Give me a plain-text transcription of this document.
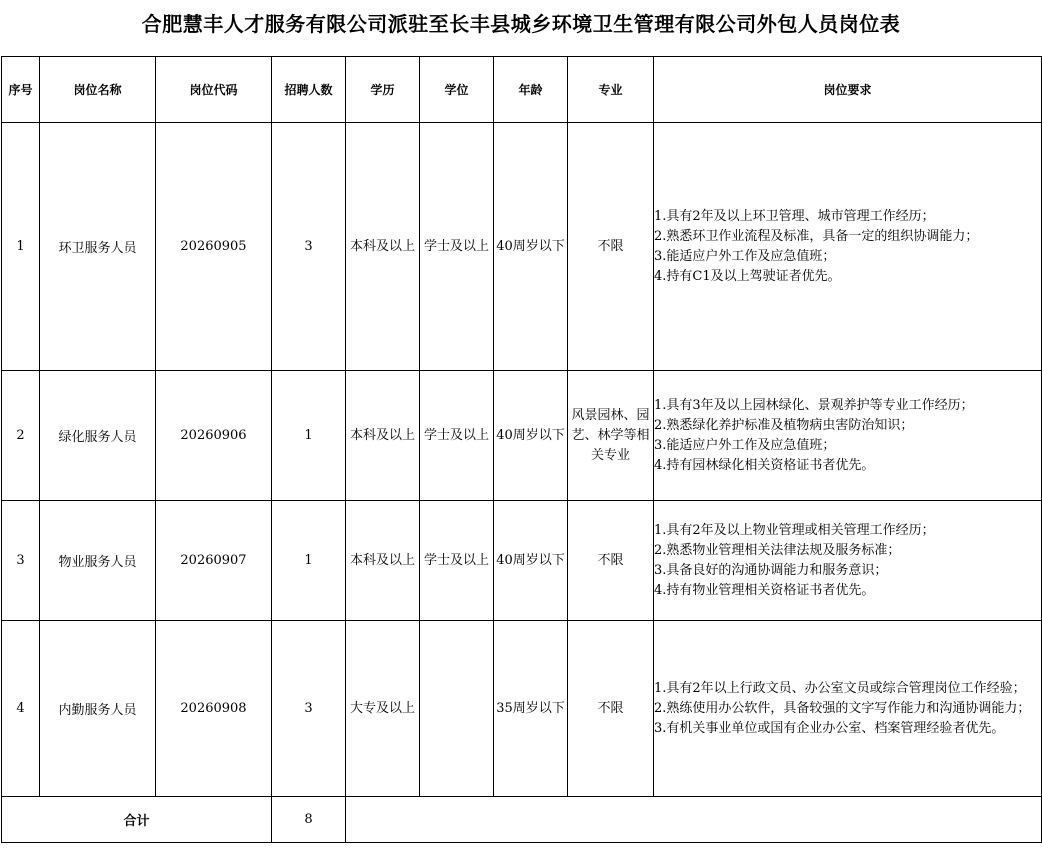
合肥慧丰人才服务有限公司派驻至长丰县城乡环境卫生管理有限公司外包人员岗位表
序号	岗位名称	岗位代码	招聘人数	学历	学位	年龄	专业	岗位要求
1	环卫服务人员	20260905	3	本科及以上	学士及以上	40周岁以下	不限	1.具有2年及以上环卫管理、城市管理工作经历；
2.熟悉环卫作业流程及标准，具备一定的组织协调能力；
3.能适应户外工作及应急值班；
4.持有C1及以上驾驶证者优先。

2	绿化服务人员	20260906	1	本科及以上	学士及以上	40周岁以下	风景园林、园艺、林学等相关专业	1.具有3年及以上园林绿化、景观养护等专业工作经历；
2.熟悉绿化养护标准及植物病虫害防治知识；
3.能适应户外工作及应急值班；
4.持有园林绿化相关资格证书者优先。

3	物业服务人员	20260907	1	本科及以上	学士及以上	40周岁以下	不限	1.具有2年及以上物业管理或相关管理工作经历；
2.熟悉物业管理相关法律法规及服务标准；
3.具备良好的沟通协调能力和服务意识；
4.持有物业管理相关资格证书者优先。

4	内勤服务人员	20260908	3	大专及以上		35周岁以下	不限	1.具有2年以上行政文员、办公室文员或综合管理岗位工作经验；
2.熟练使用办公软件，具备较强的文字写作能力和沟通协调能力；
3.有机关事业单位或国有企业办公室、档案管理经验者优先。

合计			8					
